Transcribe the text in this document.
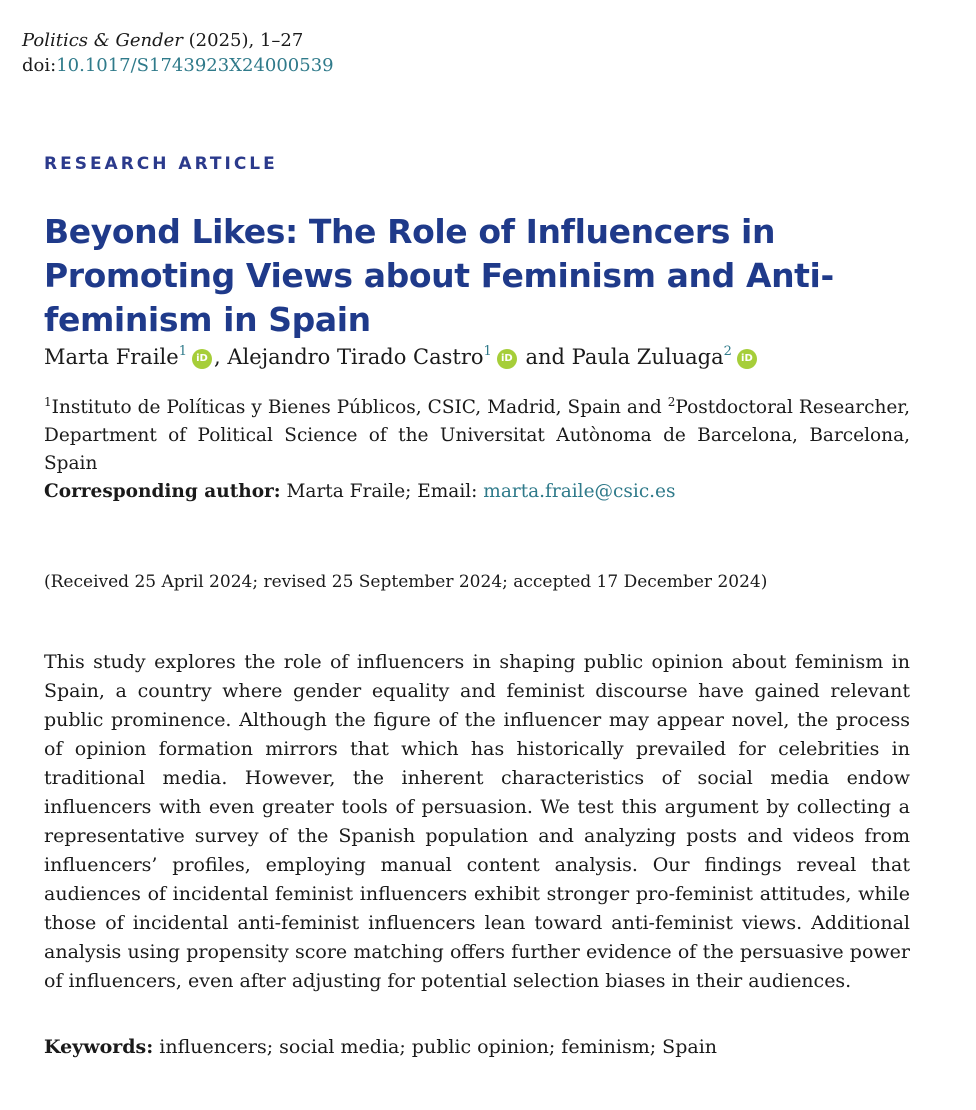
Politics & Gender (2025), 1–27
doi:10.1017/S1743923X24000539
RESEARCH ARTICLE
Beyond Likes: The Role of Influencers in Promoting Views about Feminism and Anti-feminism in Spain
Marta Fraile$^1$ iD , Alejandro Tirado Castro$^1$ iD and Paula Zuluaga$^2$ iD
$^1$Instituto de Políticas y Bienes Públicos, CSIC, Madrid, Spain and $^2$Postdoctoral Researcher, Department of Political Science of the Universitat Autònoma de Barcelona, Barcelona, Spain
Corresponding author: Marta Fraile; Email: marta.fraile@csic.es
(Received 25 April 2024; revised 25 September 2024; accepted 17 December 2024)

This study explores the role of influencers in shaping public opinion about feminism in Spain, a country where gender equality and feminist discourse have gained relevant public prominence. Although the figure of the influencer may appear novel, the process of opinion formation mirrors that which has historically prevailed for celebrities in traditional media. However, the inherent characteristics of social media endow influencers with even greater tools of persuasion. We test this argument by collecting a representative survey of the Spanish population and analyzing posts and videos from influencers’ profiles, employing manual content analysis. Our findings reveal that audiences of incidental feminist influencers exhibit stronger pro-feminist attitudes, while those of incidental anti-feminist influencers lean toward anti-feminist views. Additional analysis using propensity score matching offers further evidence of the persuasive power of influencers, even after adjusting for potential selection biases in their audiences.

Keywords: influencers; social media; public opinion; feminism; Spain
